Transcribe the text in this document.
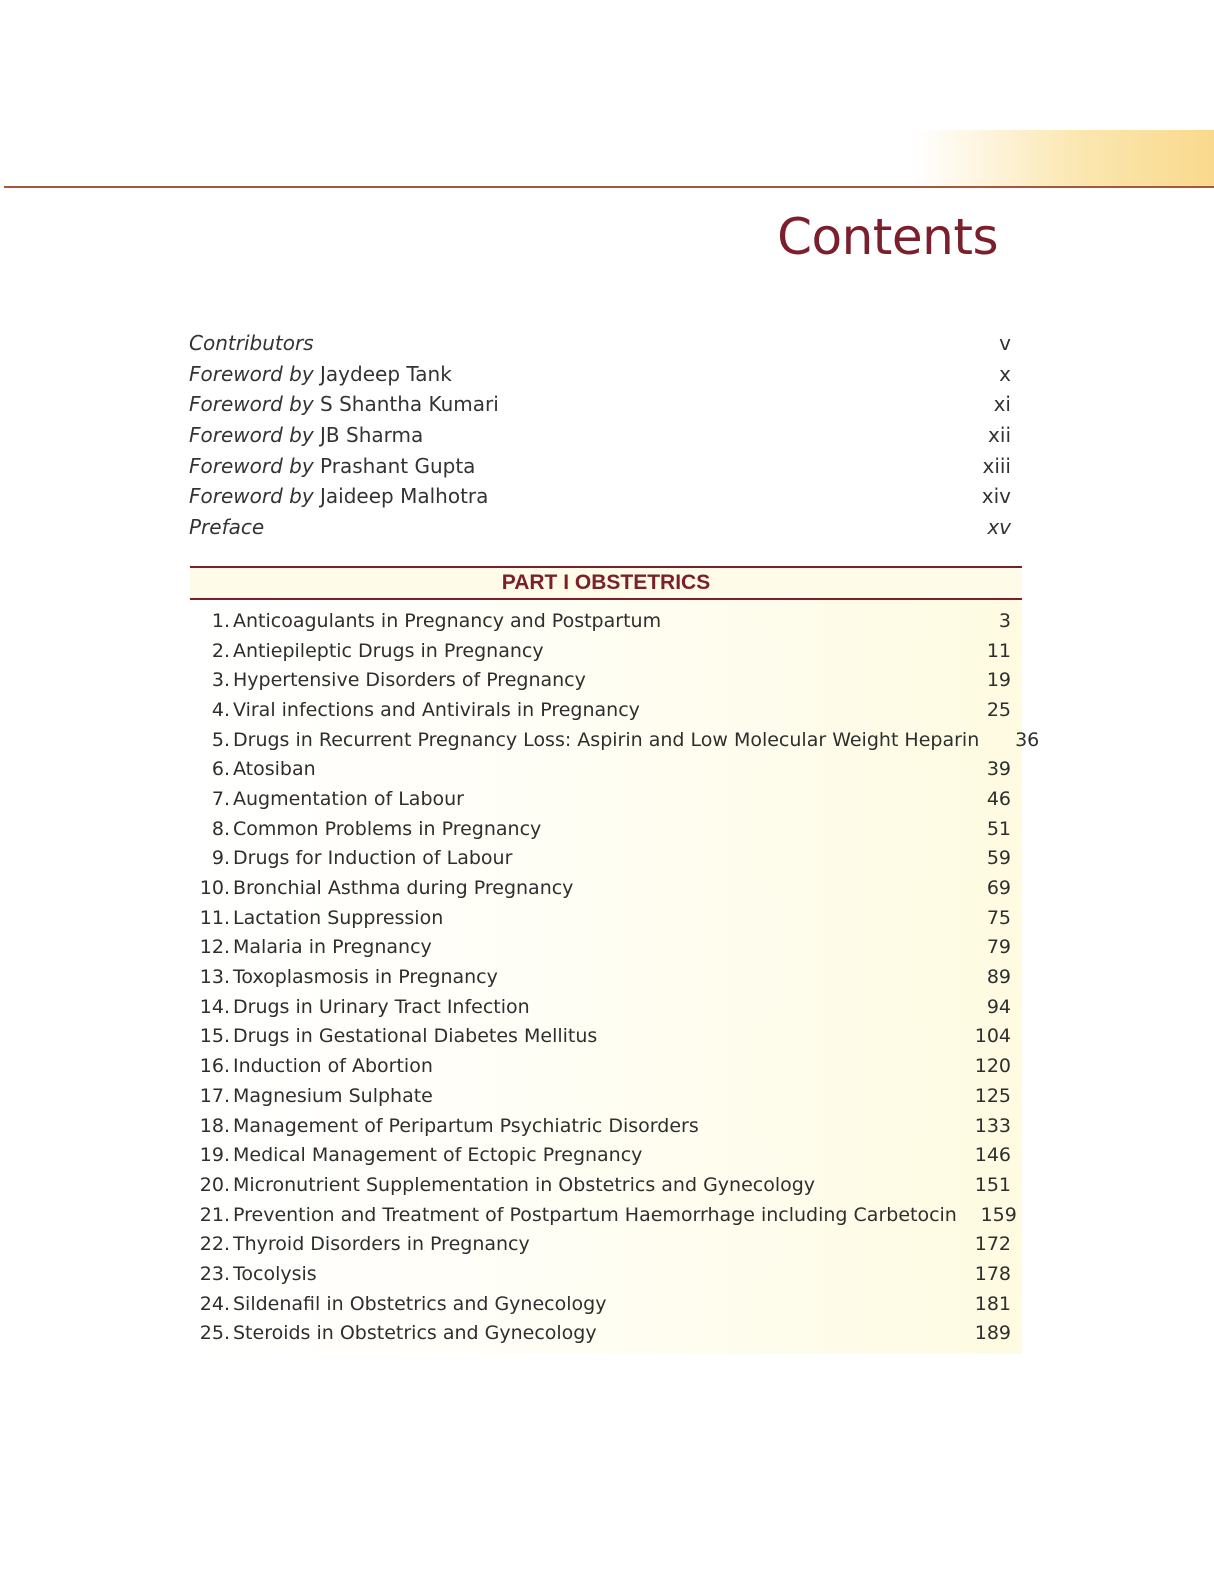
Contents
Contributors	v
Foreword by Jaydeep Tank	x
Foreword by S Shantha Kumari	xi
Foreword by JB Sharma	xii
Foreword by Prashant Gupta	xiii
Foreword by Jaideep Malhotra	xiv
Preface	xv
PART I OBSTETRICS
1. Anticoagulants in Pregnancy and Postpartum	3
2. Antiepileptic Drugs in Pregnancy	11
3. Hypertensive Disorders of Pregnancy	19
4. Viral infections and Antivirals in Pregnancy	25
5. Drugs in Recurrent Pregnancy Loss: Aspirin and Low Molecular Weight Heparin	36
6. Atosiban	39
7. Augmentation of Labour	46
8. Common Problems in Pregnancy	51
9. Drugs for Induction of Labour	59
10. Bronchial Asthma during Pregnancy	69
11. Lactation Suppression	75
12. Malaria in Pregnancy	79
13. Toxoplasmosis in Pregnancy	89
14. Drugs in Urinary Tract Infection	94
15. Drugs in Gestational Diabetes Mellitus	104
16. Induction of Abortion	120
17. Magnesium Sulphate	125
18. Management of Peripartum Psychiatric Disorders	133
19. Medical Management of Ectopic Pregnancy	146
20. Micronutrient Supplementation in Obstetrics and Gynecology	151
21. Prevention and Treatment of Postpartum Haemorrhage including Carbetocin	159
22. Thyroid Disorders in Pregnancy	172
23. Tocolysis	178
24. Sildenafil in Obstetrics and Gynecology	181
25. Steroids in Obstetrics and Gynecology	189
